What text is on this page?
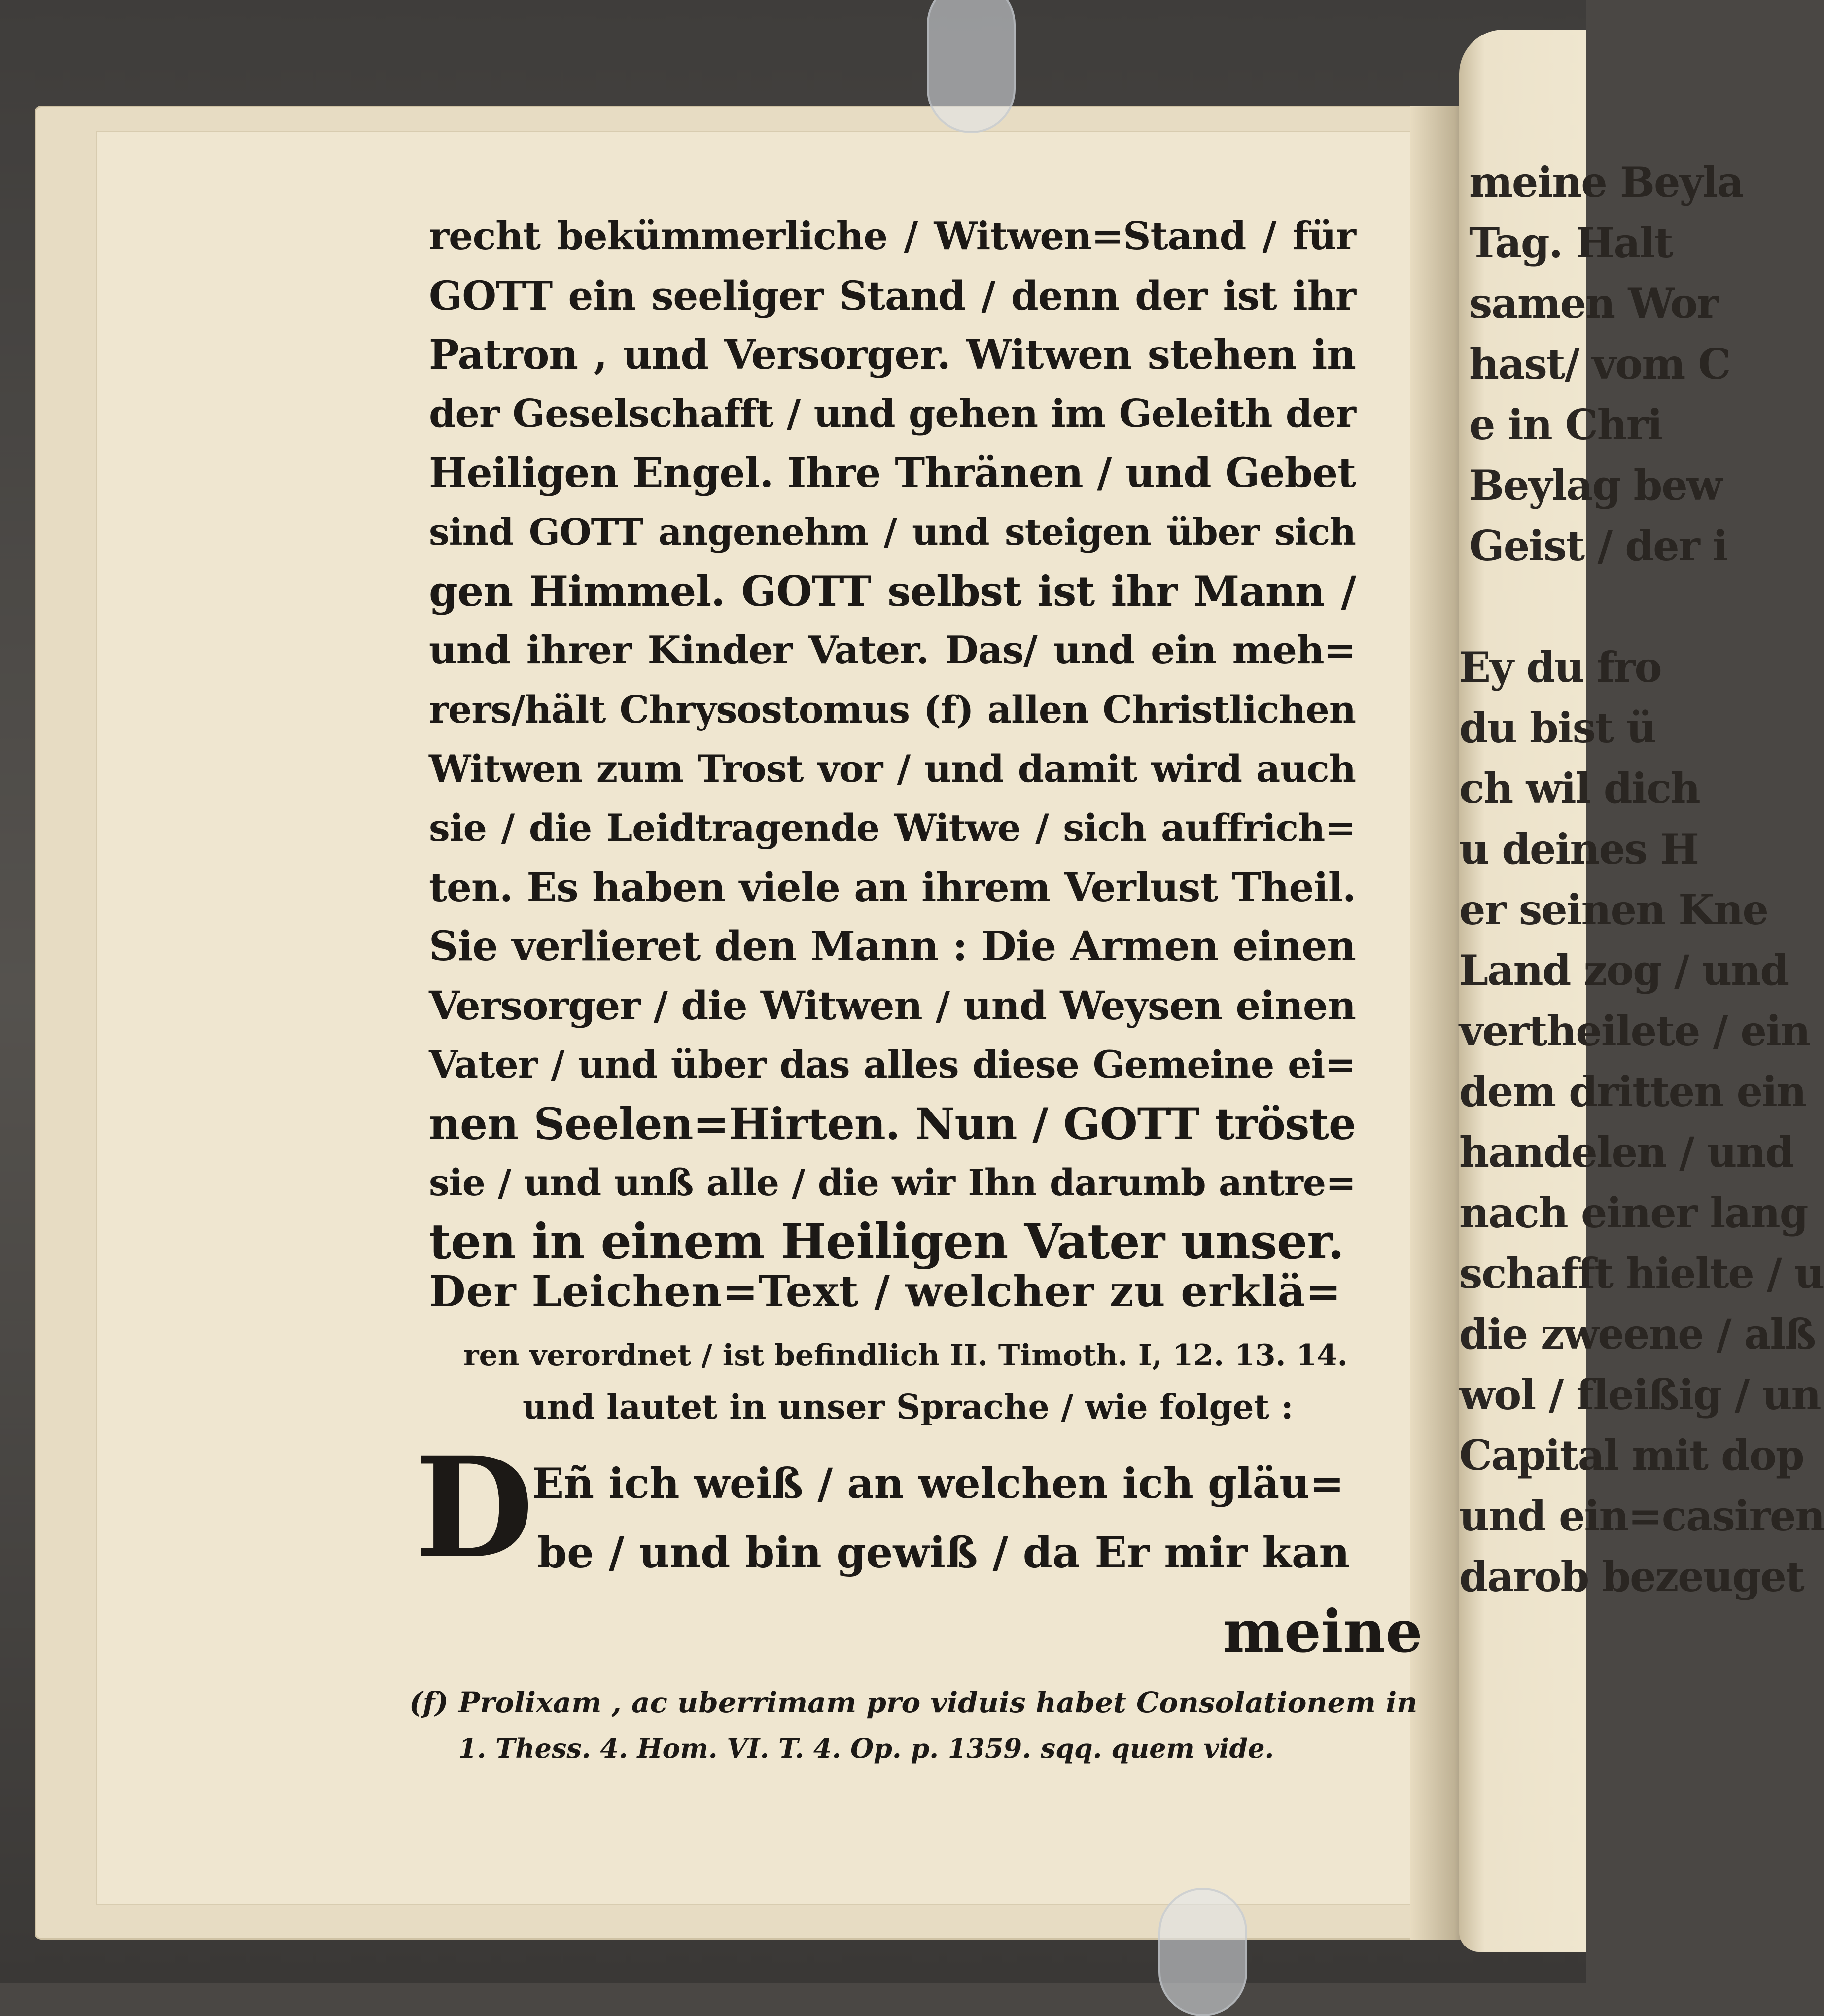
meine Beyla
Tag. Halt
samen Wor
hast/ vom C
e in Chri
Beylag bew
Geist / der i
Ey du fro
du bist ü
ch wil dich
u deines H
er seinen Kne
Land zog / und
vertheilete / ein
dem dritten ein
handelen / und
nach einer lang
schafft hielte / u
die zweene / alß
wol / fleißig / un
Capital mit dop
und ein=casiren
darob bezeuget
recht bekümmerliche / Witwen=Stand / für
GOTT ein seeliger Stand / denn der ist ihr
Patron , und Versorger. Witwen stehen in
der Geselschafft / und gehen im Geleith der
Heiligen Engel. Ihre Thränen / und Gebet
sind GOTT angenehm / und steigen über sich
gen Himmel. GOTT selbst ist ihr Mann /
und ihrer Kinder Vater. Das/ und ein meh=
rers/hält Chrysostomus (f) allen Christlichen
Witwen zum Trost vor / und damit wird auch
sie / die Leidtragende Witwe / sich auffrich=
ten. Es haben viele an ihrem Verlust Theil.
Sie verlieret den Mann : Die Armen einen
Versorger / die Witwen / und Weysen einen
Vater / und über das alles diese Gemeine ei=
nen Seelen=Hirten. Nun / GOTT tröste
sie / und unß alle / die wir Ihn darumb antre=
ten in einem Heiligen Vater unser.
Der Leichen=Text / welcher zu erklä=
ren verordnet / ist befindlich II. Timoth. I, 12. 13. 14.
und lautet in unser Sprache / wie folget :
D
Eñ ich weiß / an welchen ich gläu=
be / und bin gewiß / da Er mir kan
meine
(f) Prolixam , ac uberrimam pro viduis habet Consolationem in
1. Thess. 4. Hom. VI. T. 4. Op. p. 1359. sqq. quem vide.
